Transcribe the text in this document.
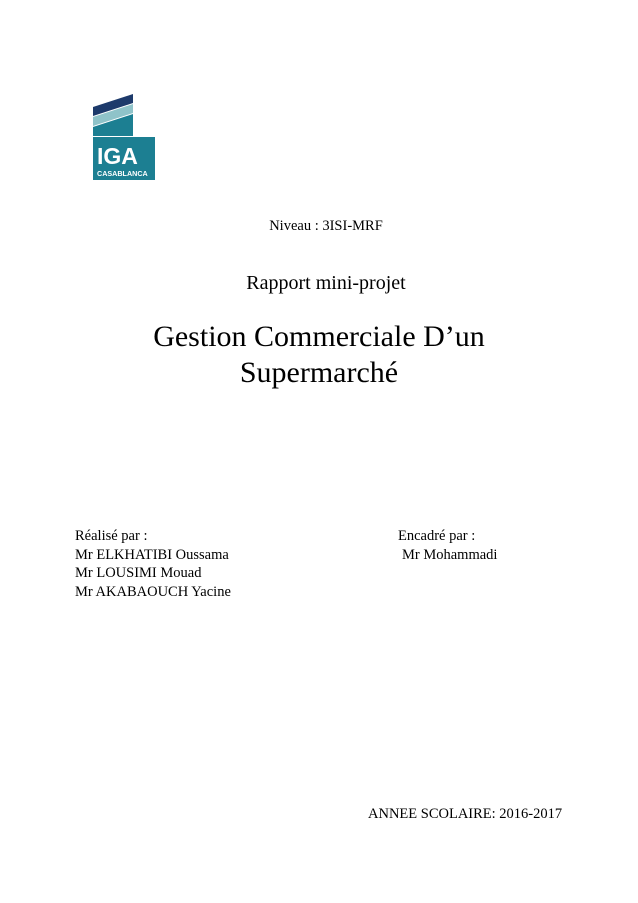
IGA
CASABLANCA
Niveau : 3ISI-MRF
Rapport mini-projet
Gestion Commerciale D’un
Supermarché
Réalisé par :
Mr ELKHATIBI Oussama
Mr LOUSIMI Mouad
Mr AKABAOUCH Yacine
Encadré par :
Mr Mohammadi
ANNEE SCOLAIRE: 2016-2017
